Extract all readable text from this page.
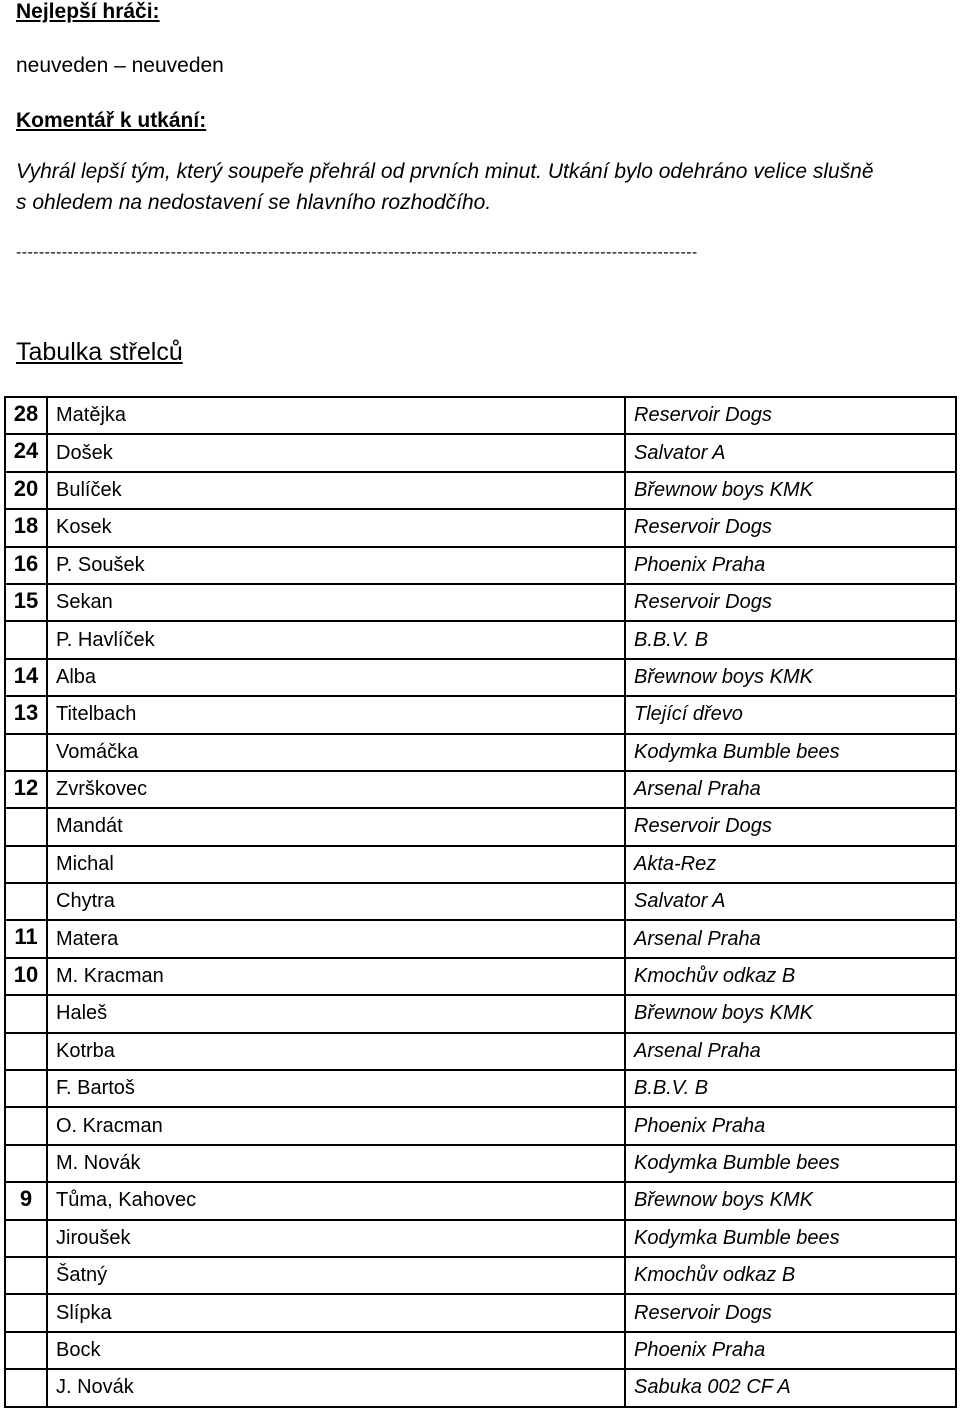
Nejlepší hráči:

neuveden – neuveden

Komentář k utkání:

Vyhrál lepší tým, který soupeře přehrál od prvních minut. Utkání bylo odehráno velice slušně
s ohledem na nedostavení se hlavního rozhodčího.
-----------------------------------------------------------------------------------------------------------------------

Tabulka střelců

28	Matějka	Reservoir Dogs
24	Došek	Salvator A
20	Bulíček	Břewnow boys KMK
18	Kosek	Reservoir Dogs
16	P. Soušek	Phoenix Praha
15	Sekan	Reservoir Dogs
	P. Havlíček	B.B.V. B
14	Alba	Břewnow boys KMK
13	Titelbach	Tlející dřevo
	Vomáčka	Kodymka Bumble bees
12	Zvrškovec	Arsenal Praha
	Mandát	Reservoir Dogs
	Michal	Akta-Rez
	Chytra	Salvator A
11	Matera	Arsenal Praha
10	M. Kracman	Kmochův odkaz B
	Haleš	Břewnow boys KMK
	Kotrba	Arsenal Praha
	F. Bartoš	B.B.V. B
	O. Kracman	Phoenix Praha
	M. Novák	Kodymka Bumble bees
9	Tůma, Kahovec	Břewnow boys KMK
	Jiroušek	Kodymka Bumble bees
	Šatný	Kmochův odkaz B
	Slípka	Reservoir Dogs
	Bock	Phoenix Praha
	J. Novák	Sabuka 002 CF A
